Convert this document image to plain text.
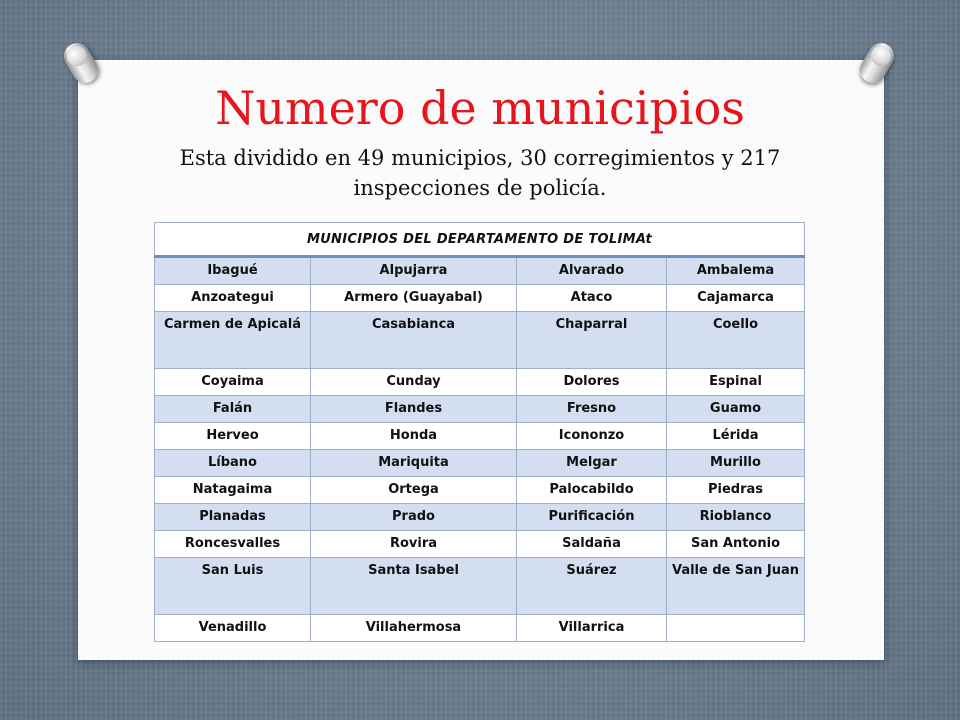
Numero de municipios

Esta dividido en 49 municipios, 30 corregimientos y 217 inspecciones de policía.

MUNICIPIOS DEL DEPARTAMENTO DE TOLIMAt			
Ibagué	Alpujarra	Alvarado	Ambalema
Anzoategui	Armero (Guayabal)	Ataco	Cajamarca
Carmen de Apicalá	Casabianca	Chaparral	Coello
Coyaima	Cunday	Dolores	Espinal
Falán	Flandes	Fresno	Guamo
Herveo	Honda	Icononzo	Lérida
Líbano	Mariquita	Melgar	Murillo
Natagaima	Ortega	Palocabildo	Piedras
Planadas	Prado	Purificación	Rioblanco
Roncesvalles	Rovira	Saldaña	San Antonio
San Luis	Santa Isabel	Suárez	Valle de San Juan
Venadillo	Villahermosa	Villarrica	
